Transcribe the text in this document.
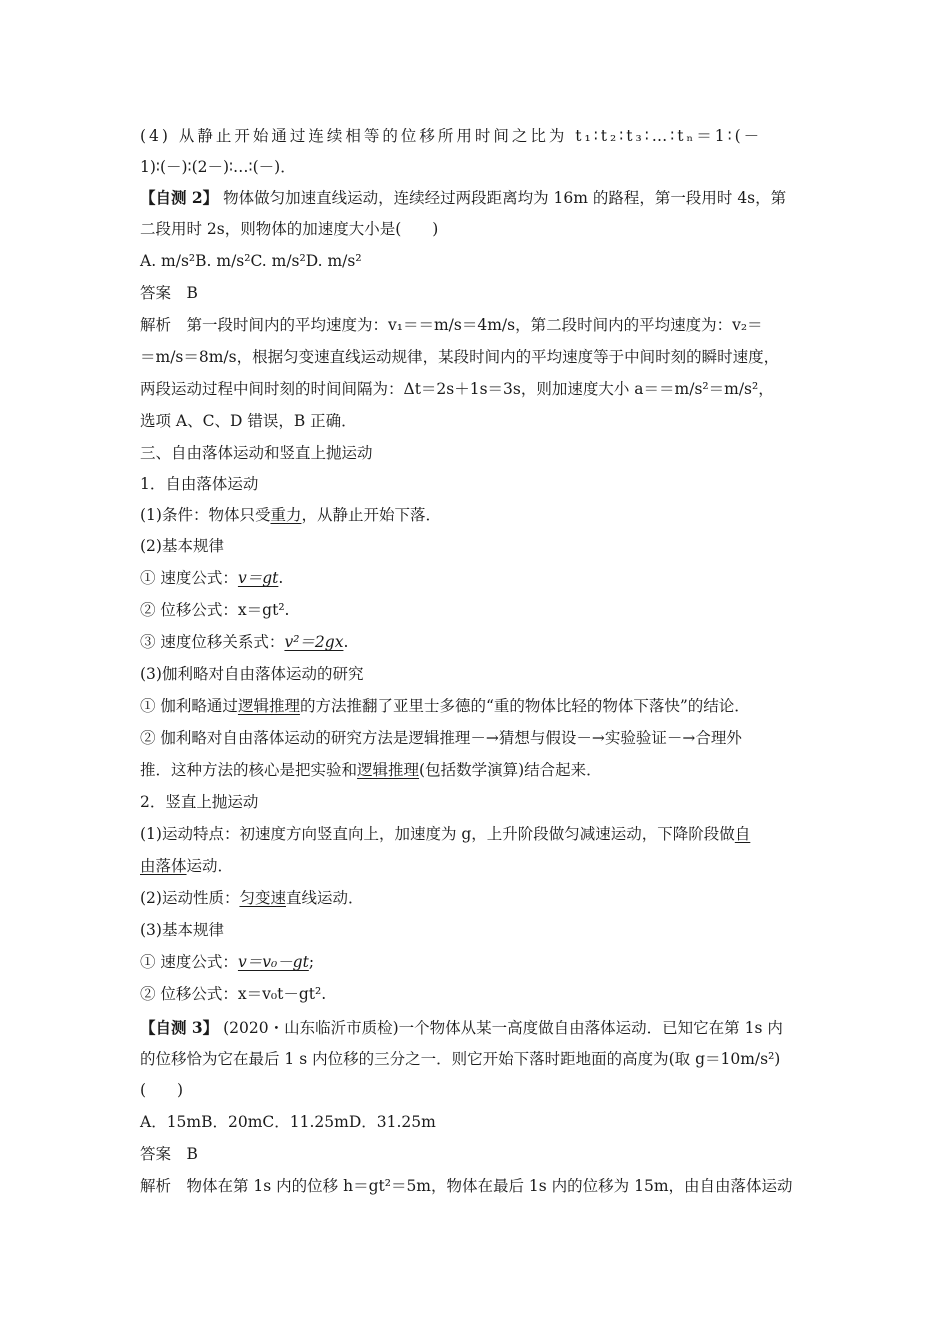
(4) 从静止开始通过连续相等的位移所用时间之比为 t₁∶t₂∶t₃∶…∶tₙ＝1∶(－
1)∶(－)∶(2－)∶…∶(－)．
【自测 2】 物体做匀加速直线运动，连续经过两段距离均为 16m 的路程，第一段用时 4s，第
二段用时 2s，则物体的加速度大小是(　　)
A. m/s²B. m/s²C. m/s²D. m/s²
答案　B
解析　第一段时间内的平均速度为：v₁＝＝m/s＝4m/s，第二段时间内的平均速度为：v₂＝
＝m/s＝8m/s，根据匀变速直线运动规律，某段时间内的平均速度等于中间时刻的瞬时速度，
两段运动过程中间时刻的时间间隔为：Δt＝2s＋1s＝3s，则加速度大小 a＝＝m/s²＝m/s²，
选项 A、C、D 错误，B 正确．
三、自由落体运动和竖直上抛运动
1．自由落体运动
(1)条件：物体只受重力，从静止开始下落．
(2)基本规律
① 速度公式：v＝gt.
② 位移公式：x＝gt².
③ 速度位移关系式：v²＝2gx.
(3)伽利略对自由落体运动的研究
① 伽利略通过逻辑推理的方法推翻了亚里士多德的“重的物体比轻的物体下落快”的结论．
② 伽利略对自由落体运动的研究方法是逻辑推理－→猜想与假设－→实验验证－→合理外
推．这种方法的核心是把实验和逻辑推理(包括数学演算)结合起来．
2．竖直上抛运动
(1)运动特点：初速度方向竖直向上，加速度为 g，上升阶段做匀减速运动，下降阶段做自
由落体运动．
(2)运动性质：匀变速直线运动．
(3)基本规律
① 速度公式：v＝v₀－gt;
② 位移公式：x＝v₀t－gt².
【自测 3】 (2020・山东临沂市质检)一个物体从某一高度做自由落体运动．已知它在第 1s 内
的位移恰为它在最后 1 s 内位移的三分之一．则它开始下落时距地面的高度为(取 g＝10m/s²)
(　　)
A．15mB．20mC．11.25mD．31.25m
答案　B
解析　物体在第 1s 内的位移 h＝gt²＝5m，物体在最后 1s 内的位移为 15m，由自由落体运动
